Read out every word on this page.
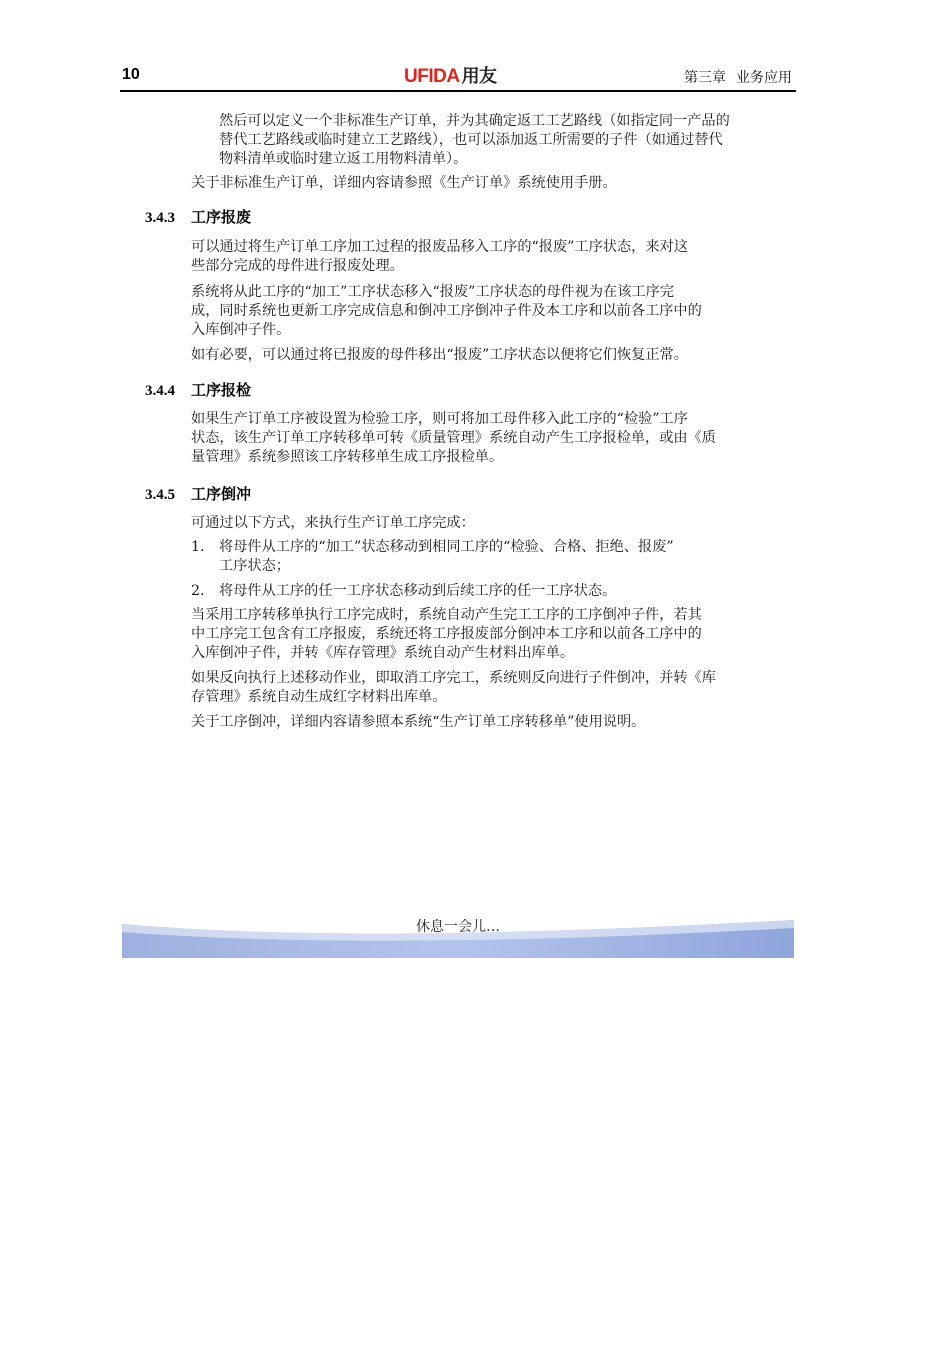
10	UFIDA 用友	第三章 业务应用
然后可以定义一个非标准生产订单，并为其确定返工工艺路线（如指定同一产品的
替代工艺路线或临时建立工艺路线），也可以添加返工所需要的子件（如通过替代
物料清单或临时建立返工用物料清单）。
关于非标准生产订单，详细内容请参照《生产订单》系统使用手册。
3.4.3 工序报废
可以通过将生产订单工序加工过程的报废品移入工序的“报废”工序状态，来对这
些部分完成的母件进行报废处理。
系统将从此工序的“加工”工序状态移入“报废”工序状态的母件视为在该工序完
成，同时系统也更新工序完成信息和倒冲工序倒冲子件及本工序和以前各工序中的
入库倒冲子件。
如有必要，可以通过将已报废的母件移出“报废”工序状态以便将它们恢复正常。
3.4.4 工序报检
如果生产订单工序被设置为检验工序，则可将加工母件移入此工序的“检验”工序
状态，该生产订单工序转移单可转《质量管理》系统自动产生工序报检单，或由《质
量管理》系统参照该工序转移单生成工序报检单。
3.4.5 工序倒冲
可通过以下方式，来执行生产订单工序完成：
1. 将母件从工序的“加工”状态移动到相同工序的“检验、合格、拒绝、报废”
工序状态；
2. 将母件从工序的任一工序状态移动到后续工序的任一工序状态。
当采用工序转移单执行工序完成时，系统自动产生完工工序的工序倒冲子件，若其
中工序完工包含有工序报废，系统还将工序报废部分倒冲本工序和以前各工序中的
入库倒冲子件，并转《库存管理》系统自动产生材料出库单。
如果反向执行上述移动作业，即取消工序完工，系统则反向进行子件倒冲，并转《库
存管理》系统自动生成红字材料出库单。
关于工序倒冲，详细内容请参照本系统“生产订单工序转移单”使用说明。
休息一会儿…
